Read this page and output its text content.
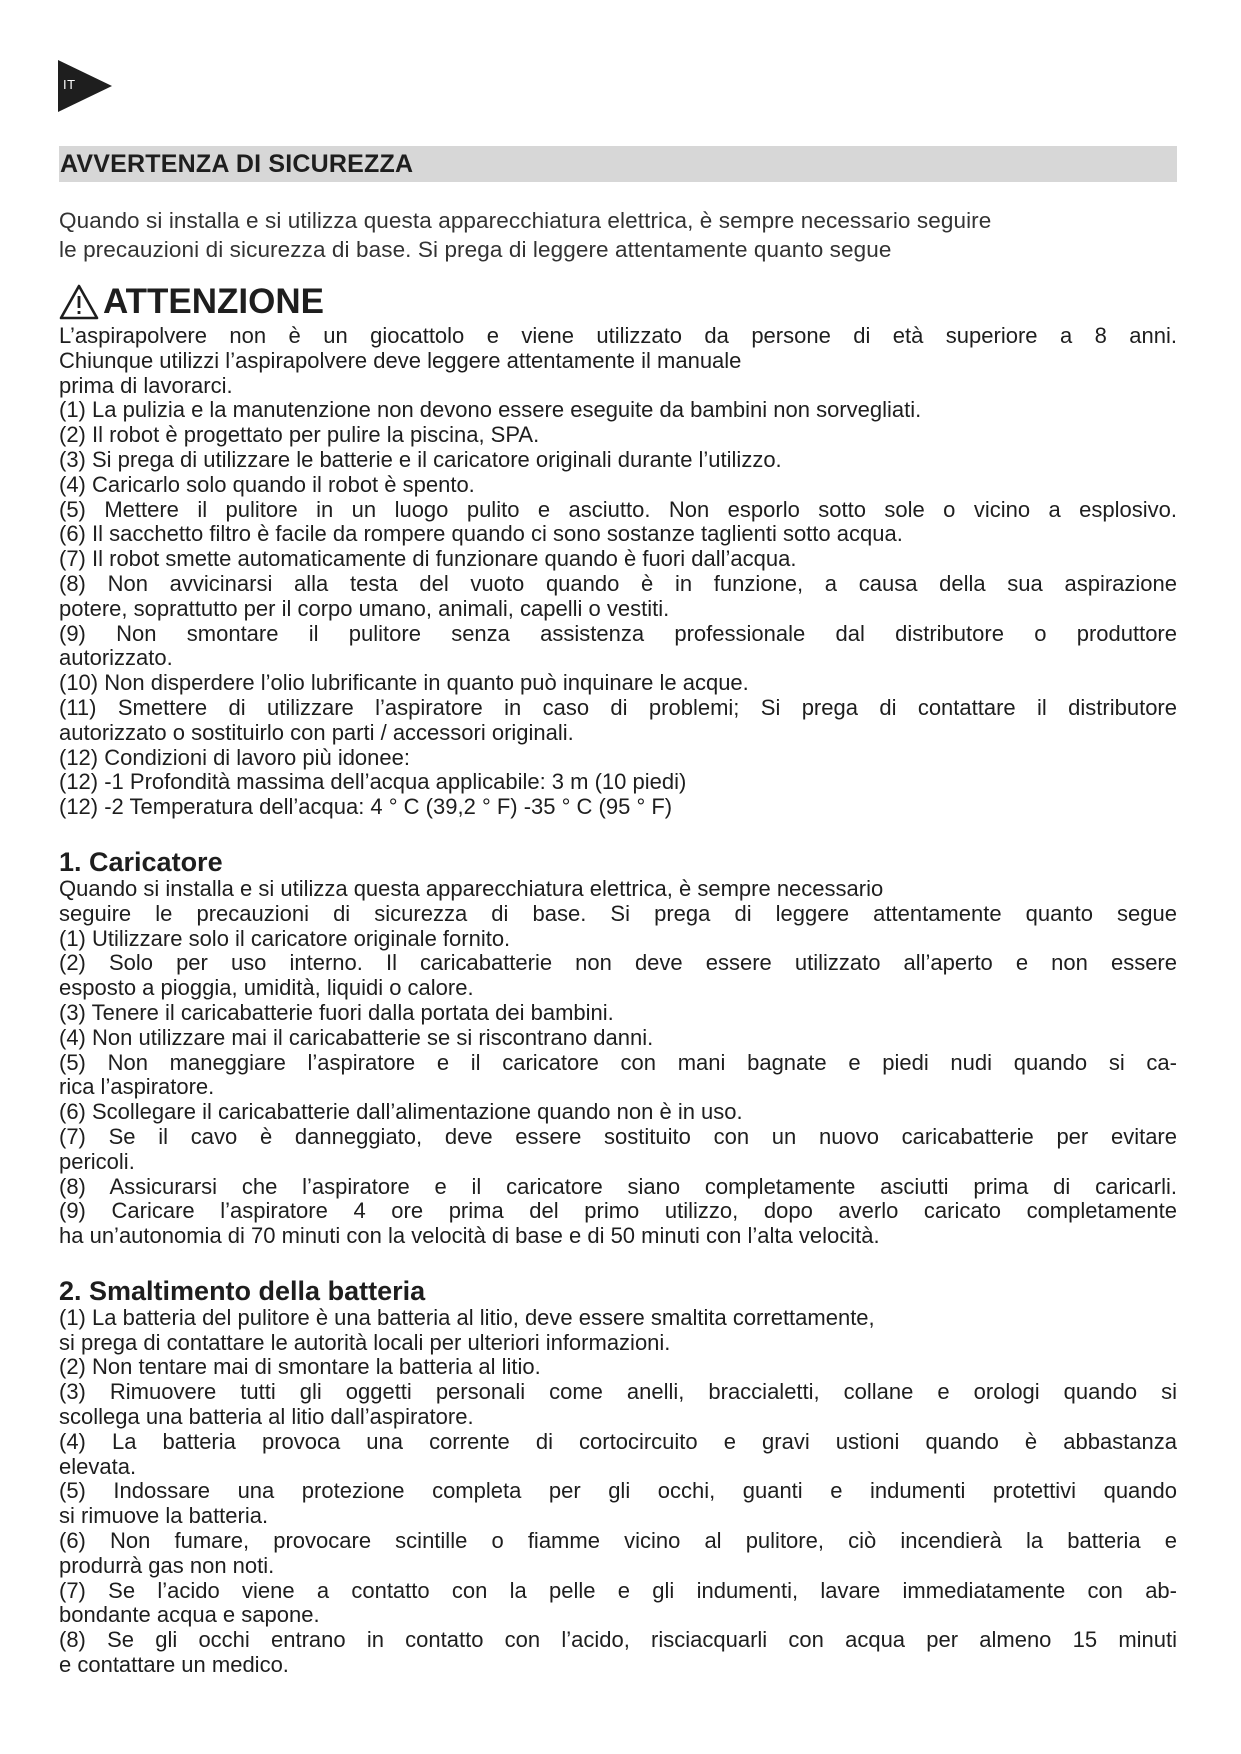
IT
AVVERTENZA DI SICUREZZA
Quando si installa e si utilizza questa apparecchiatura elettrica, è sempre necessario seguire
le precauzioni di sicurezza di base. Si prega di leggere attentamente quanto segue
ATTENZIONE
L’aspirapolvere non è un giocattolo e viene utilizzato da persone di età superiore a 8 anni.
Chiunque utilizzi l’aspirapolvere deve leggere attentamente il manuale
prima di lavorarci.
(1) La pulizia e la manutenzione non devono essere eseguite da bambini non sorvegliati.
(2) Il robot è progettato per pulire la piscina, SPA.
(3) Si prega di utilizzare le batterie e il caricatore originali durante l’utilizzo.
(4) Caricarlo solo quando il robot è spento.
(5) Mettere il pulitore in un luogo pulito e asciutto. Non esporlo sotto sole o vicino a esplosivo.
(6) Il sacchetto filtro è facile da rompere quando ci sono sostanze taglienti sotto acqua.
(7) Il robot smette automaticamente di funzionare quando è fuori dall’acqua.
(8) Non avvicinarsi alla testa del vuoto quando è in funzione, a causa della sua aspirazione
potere, soprattutto per il corpo umano, animali, capelli o vestiti.
(9) Non smontare il pulitore senza assistenza professionale dal distributore o produttore
autorizzato.
(10) Non disperdere l’olio lubrificante in quanto può inquinare le acque.
(11) Smettere di utilizzare l’aspiratore in caso di problemi; Si prega di contattare il distributore
autorizzato o sostituirlo con parti / accessori originali.
(12) Condizioni di lavoro più idonee:
(12) -1 Profondità massima dell’acqua applicabile: 3 m (10 piedi)
(12) -2 Temperatura dell’acqua: 4 ° C (39,2 ° F) -35 ° C (95 ° F)
1. Caricatore
Quando si installa e si utilizza questa apparecchiatura elettrica, è sempre necessario
seguire le precauzioni di sicurezza di base. Si prega di leggere attentamente quanto segue
(1) Utilizzare solo il caricatore originale fornito.
(2) Solo per uso interno. Il caricabatterie non deve essere utilizzato all’aperto e non essere
esposto a pioggia, umidità, liquidi o calore.
(3) Tenere il caricabatterie fuori dalla portata dei bambini.
(4) Non utilizzare mai il caricabatterie se si riscontrano danni.
(5) Non maneggiare l’aspiratore e il caricatore con mani bagnate e piedi nudi quando si ca-
rica l’aspiratore.
(6) Scollegare il caricabatterie dall’alimentazione quando non è in uso.
(7) Se il cavo è danneggiato, deve essere sostituito con un nuovo caricabatterie per evitare
pericoli.
(8) Assicurarsi che l’aspiratore e il caricatore siano completamente asciutti prima di caricarli.
(9) Caricare l’aspiratore 4 ore prima del primo utilizzo, dopo averlo caricato completamente
ha un’autonomia di 70 minuti con la velocità di base e di 50 minuti con l’alta velocità.
2. Smaltimento della batteria
(1) La batteria del pulitore è una batteria al litio, deve essere smaltita correttamente,
si prega di contattare le autorità locali per ulteriori informazioni.
(2) Non tentare mai di smontare la batteria al litio.
(3) Rimuovere tutti gli oggetti personali come anelli, braccialetti, collane e orologi quando si
scollega una batteria al litio dall’aspiratore.
(4) La batteria provoca una corrente di cortocircuito e gravi ustioni quando è abbastanza
elevata.
(5) Indossare una protezione completa per gli occhi, guanti e indumenti protettivi quando
si rimuove la batteria.
(6) Non fumare, provocare scintille o fiamme vicino al pulitore, ciò incendierà la batteria e
produrrà gas non noti.
(7) Se l’acido viene a contatto con la pelle e gli indumenti, lavare immediatamente con ab-
bondante acqua e sapone.
(8) Se gli occhi entrano in contatto con l’acido, risciacquarli con acqua per almeno 15 minuti
e contattare un medico.
